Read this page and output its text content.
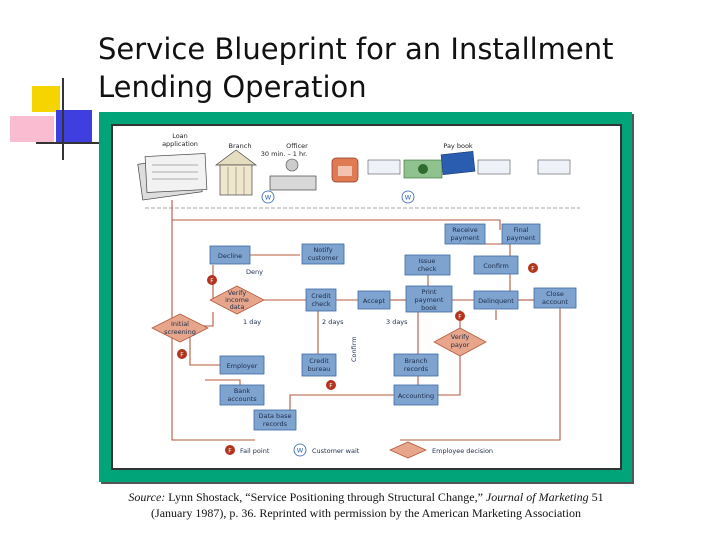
Service Blueprint for an Installment
Lending Operation
Loan
application	Branch	Officer
30 min. – 1 hr.
Pay book
Decline
Notify
customer
Receive
payment
Final
payment
Issue
check	Confirm
Credit
check	Accept
Print
payment
book
Delinquent
Close
account
Employer
Credit
bureau
Branch
records
Bank
accounts	Accounting
Data base
records
Verify
income
data
Initial
screening
Verify
payor
Deny
1 day	2 days	3 days
Confirm
F
F
F
F
F
W	W
F Fail point	W Customer wait	Employee decision
Source: Lynn Shostack, “Service Positioning through Structural Change,” Journal of Marketing 51
(January 1987), p. 36. Reprinted with permission by the American Marketing Association
